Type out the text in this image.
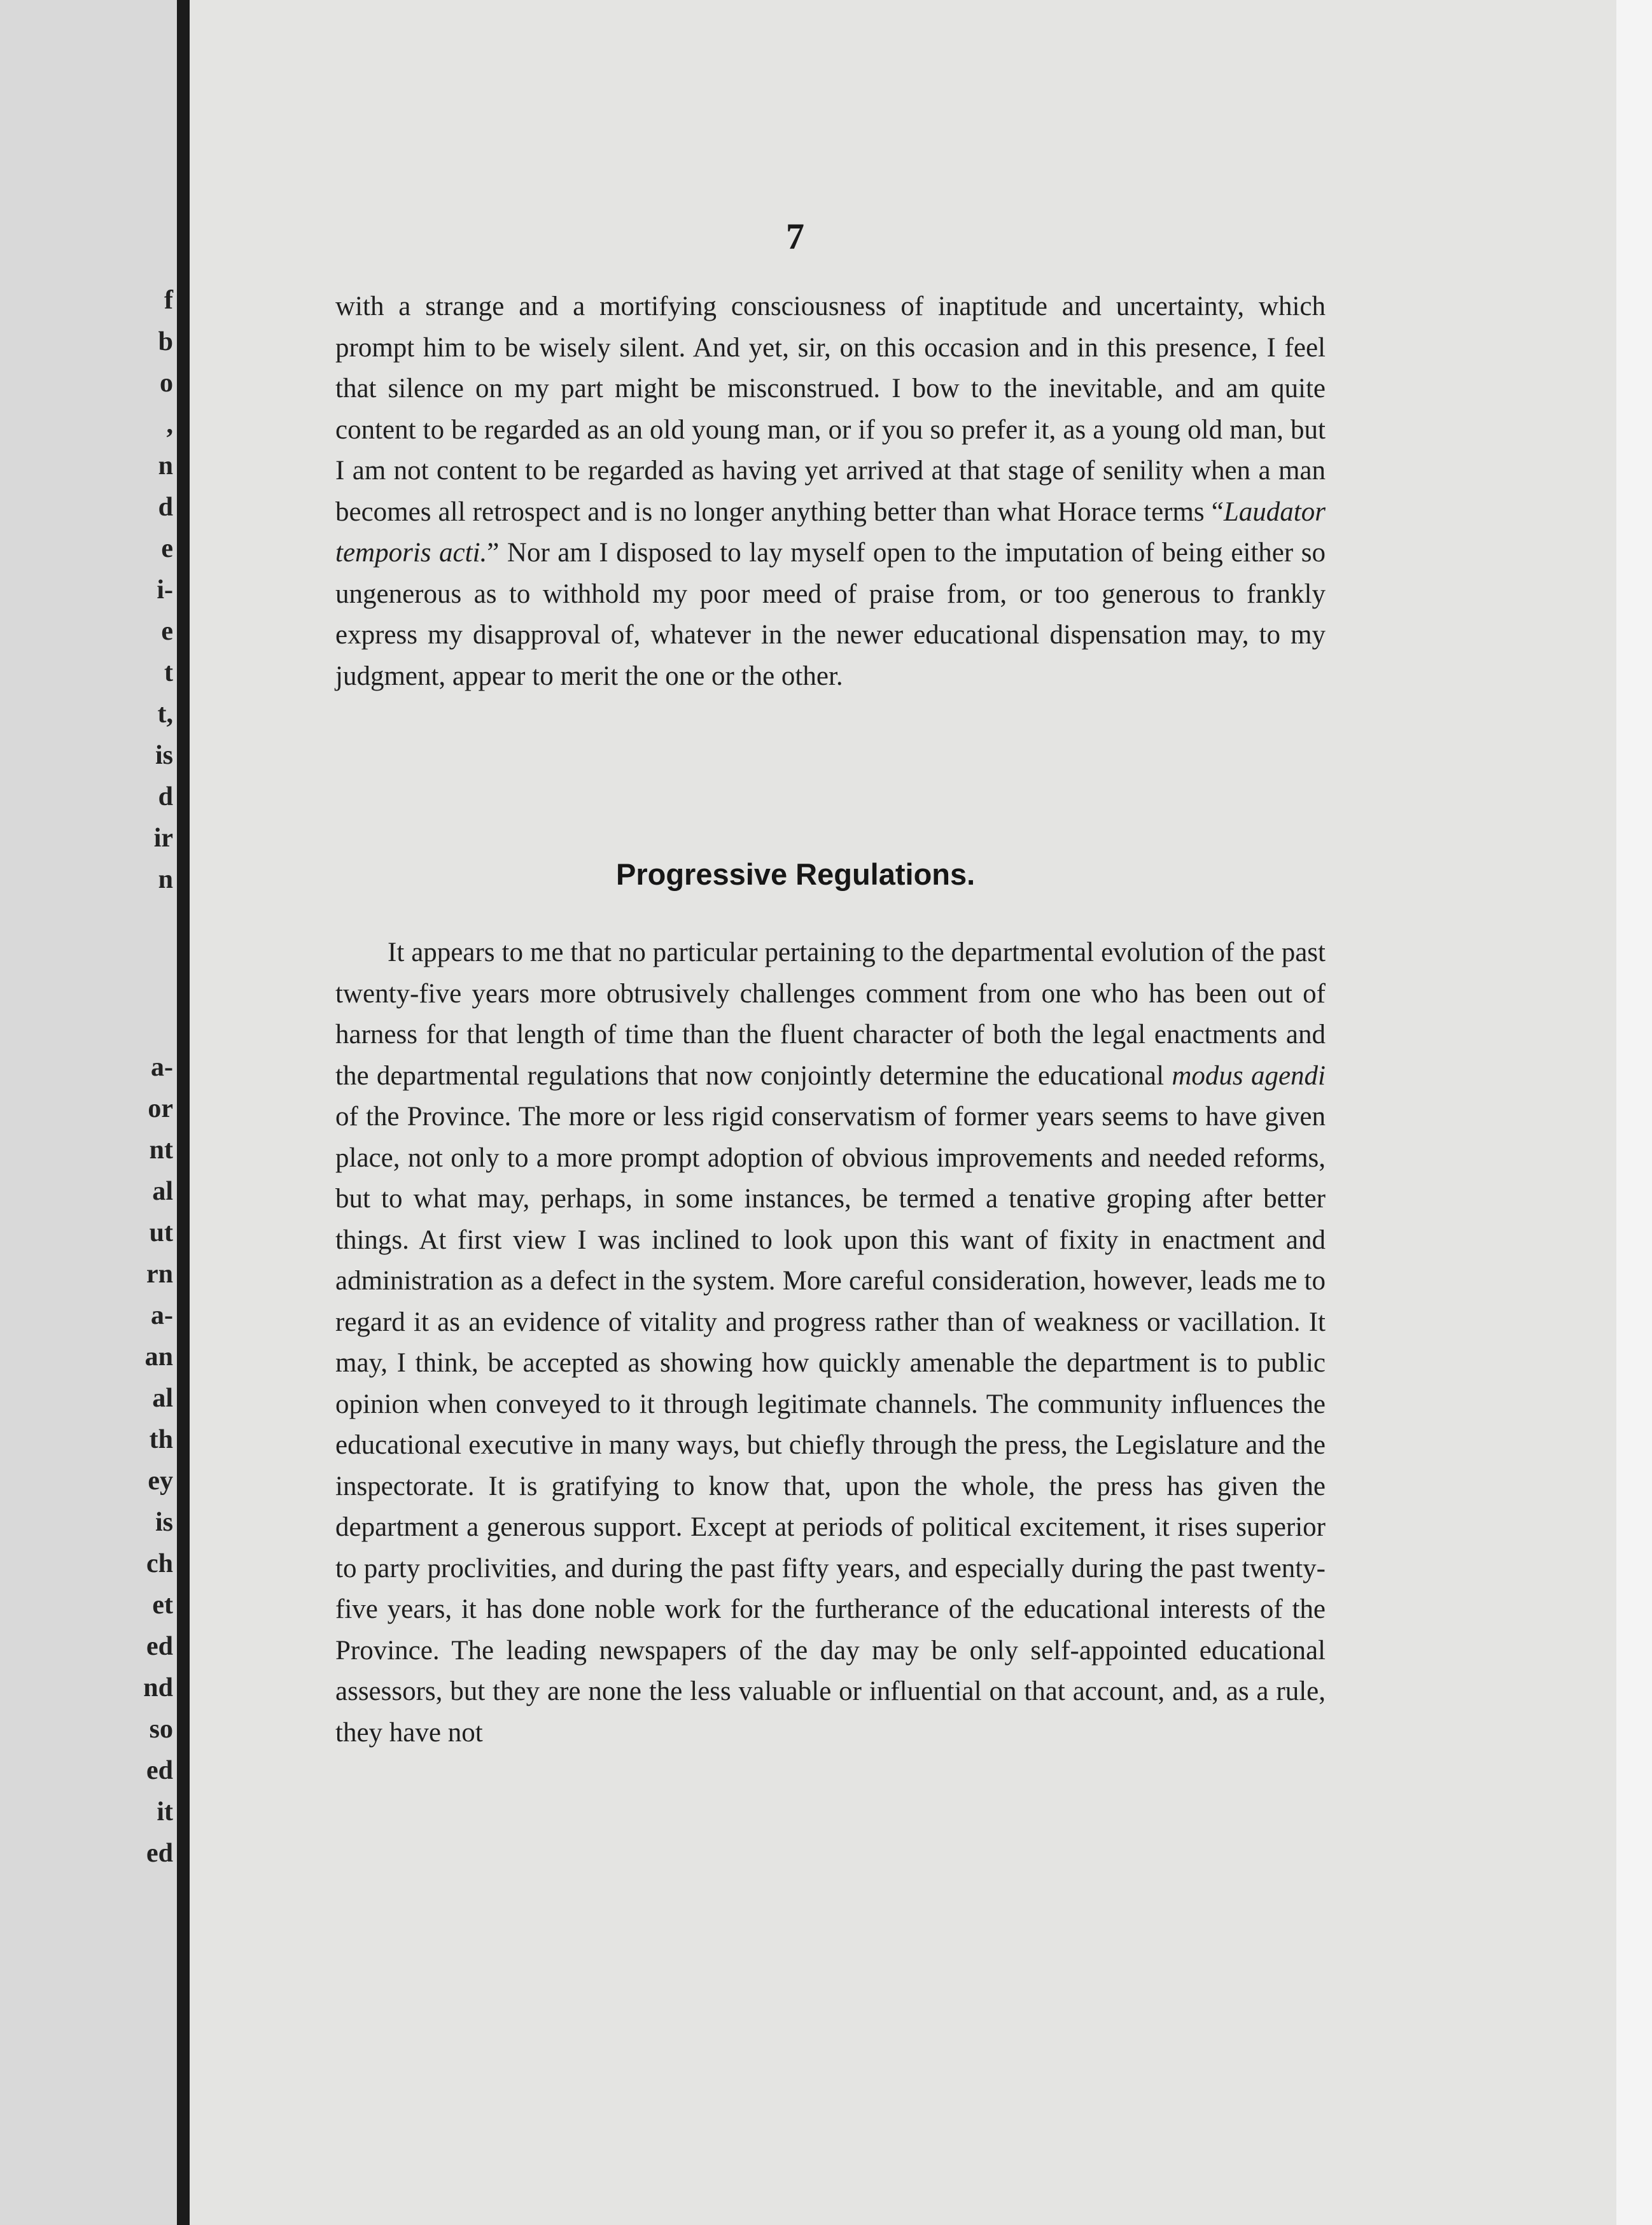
f
b
o
,
n
d
e
i-
e
t
t,
is
d
ir
n
a-
or
nt
al
ut
rn
a-
an
al
th
ey
is
ch
et
ed
nd
so
ed
it
ed
7

with a strange and a mortifying consciousness of inaptitude and uncertainty, which prompt him to be wisely silent. And yet, sir, on this occasion and in this presence, I feel that silence on my part might be misconstrued. I bow to the inevitable, and am quite content to be regarded as an old young man, or if you so prefer it, as a young old man, but I am not content to be regarded as having yet arrived at that stage of senility when a man becomes all retrospect and is no longer anything better than what Horace terms “Laudator temporis acti.” Nor am I disposed to lay myself open to the imputation of being either so ungenerous as to withhold my poor meed of praise from, or too generous to frankly express my disapproval of, whatever in the newer educational dispensation may, to my judgment, appear to merit the one or the other.

Progressive Regulations.

It appears to me that no particular pertaining to the departmental evolution of the past twenty-five years more obtrusively challenges comment from one who has been out of harness for that length of time than the fluent character of both the legal enactments and the departmental regulations that now conjointly determine the educational modus agendi of the Province. The more or less rigid conservatism of former years seems to have given place, not only to a more prompt adoption of obvious improvements and needed reforms, but to what may, perhaps, in some instances, be termed a tenative groping after better things. At first view I was inclined to look upon this want of fixity in enactment and administration as a defect in the system. More careful consideration, however, leads me to regard it as an evidence of vitality and progress rather than of weakness or vacillation. It may, I think, be accepted as showing how quickly amenable the department is to public opinion when conveyed to it through legitimate channels. The community influences the educational executive in many ways, but chiefly through the press, the Legislature and the inspectorate. It is gratifying to know that, upon the whole, the press has given the department a generous support. Except at periods of political excitement, it rises superior to party proclivities, and during the past fifty years, and especially during the past twenty-five years, it has done noble work for the furtherance of the educational interests of the Province. The leading newspapers of the day may be only self-appointed educational assessors, but they are none the less valuable or influential on that account, and, as a rule, they have not
